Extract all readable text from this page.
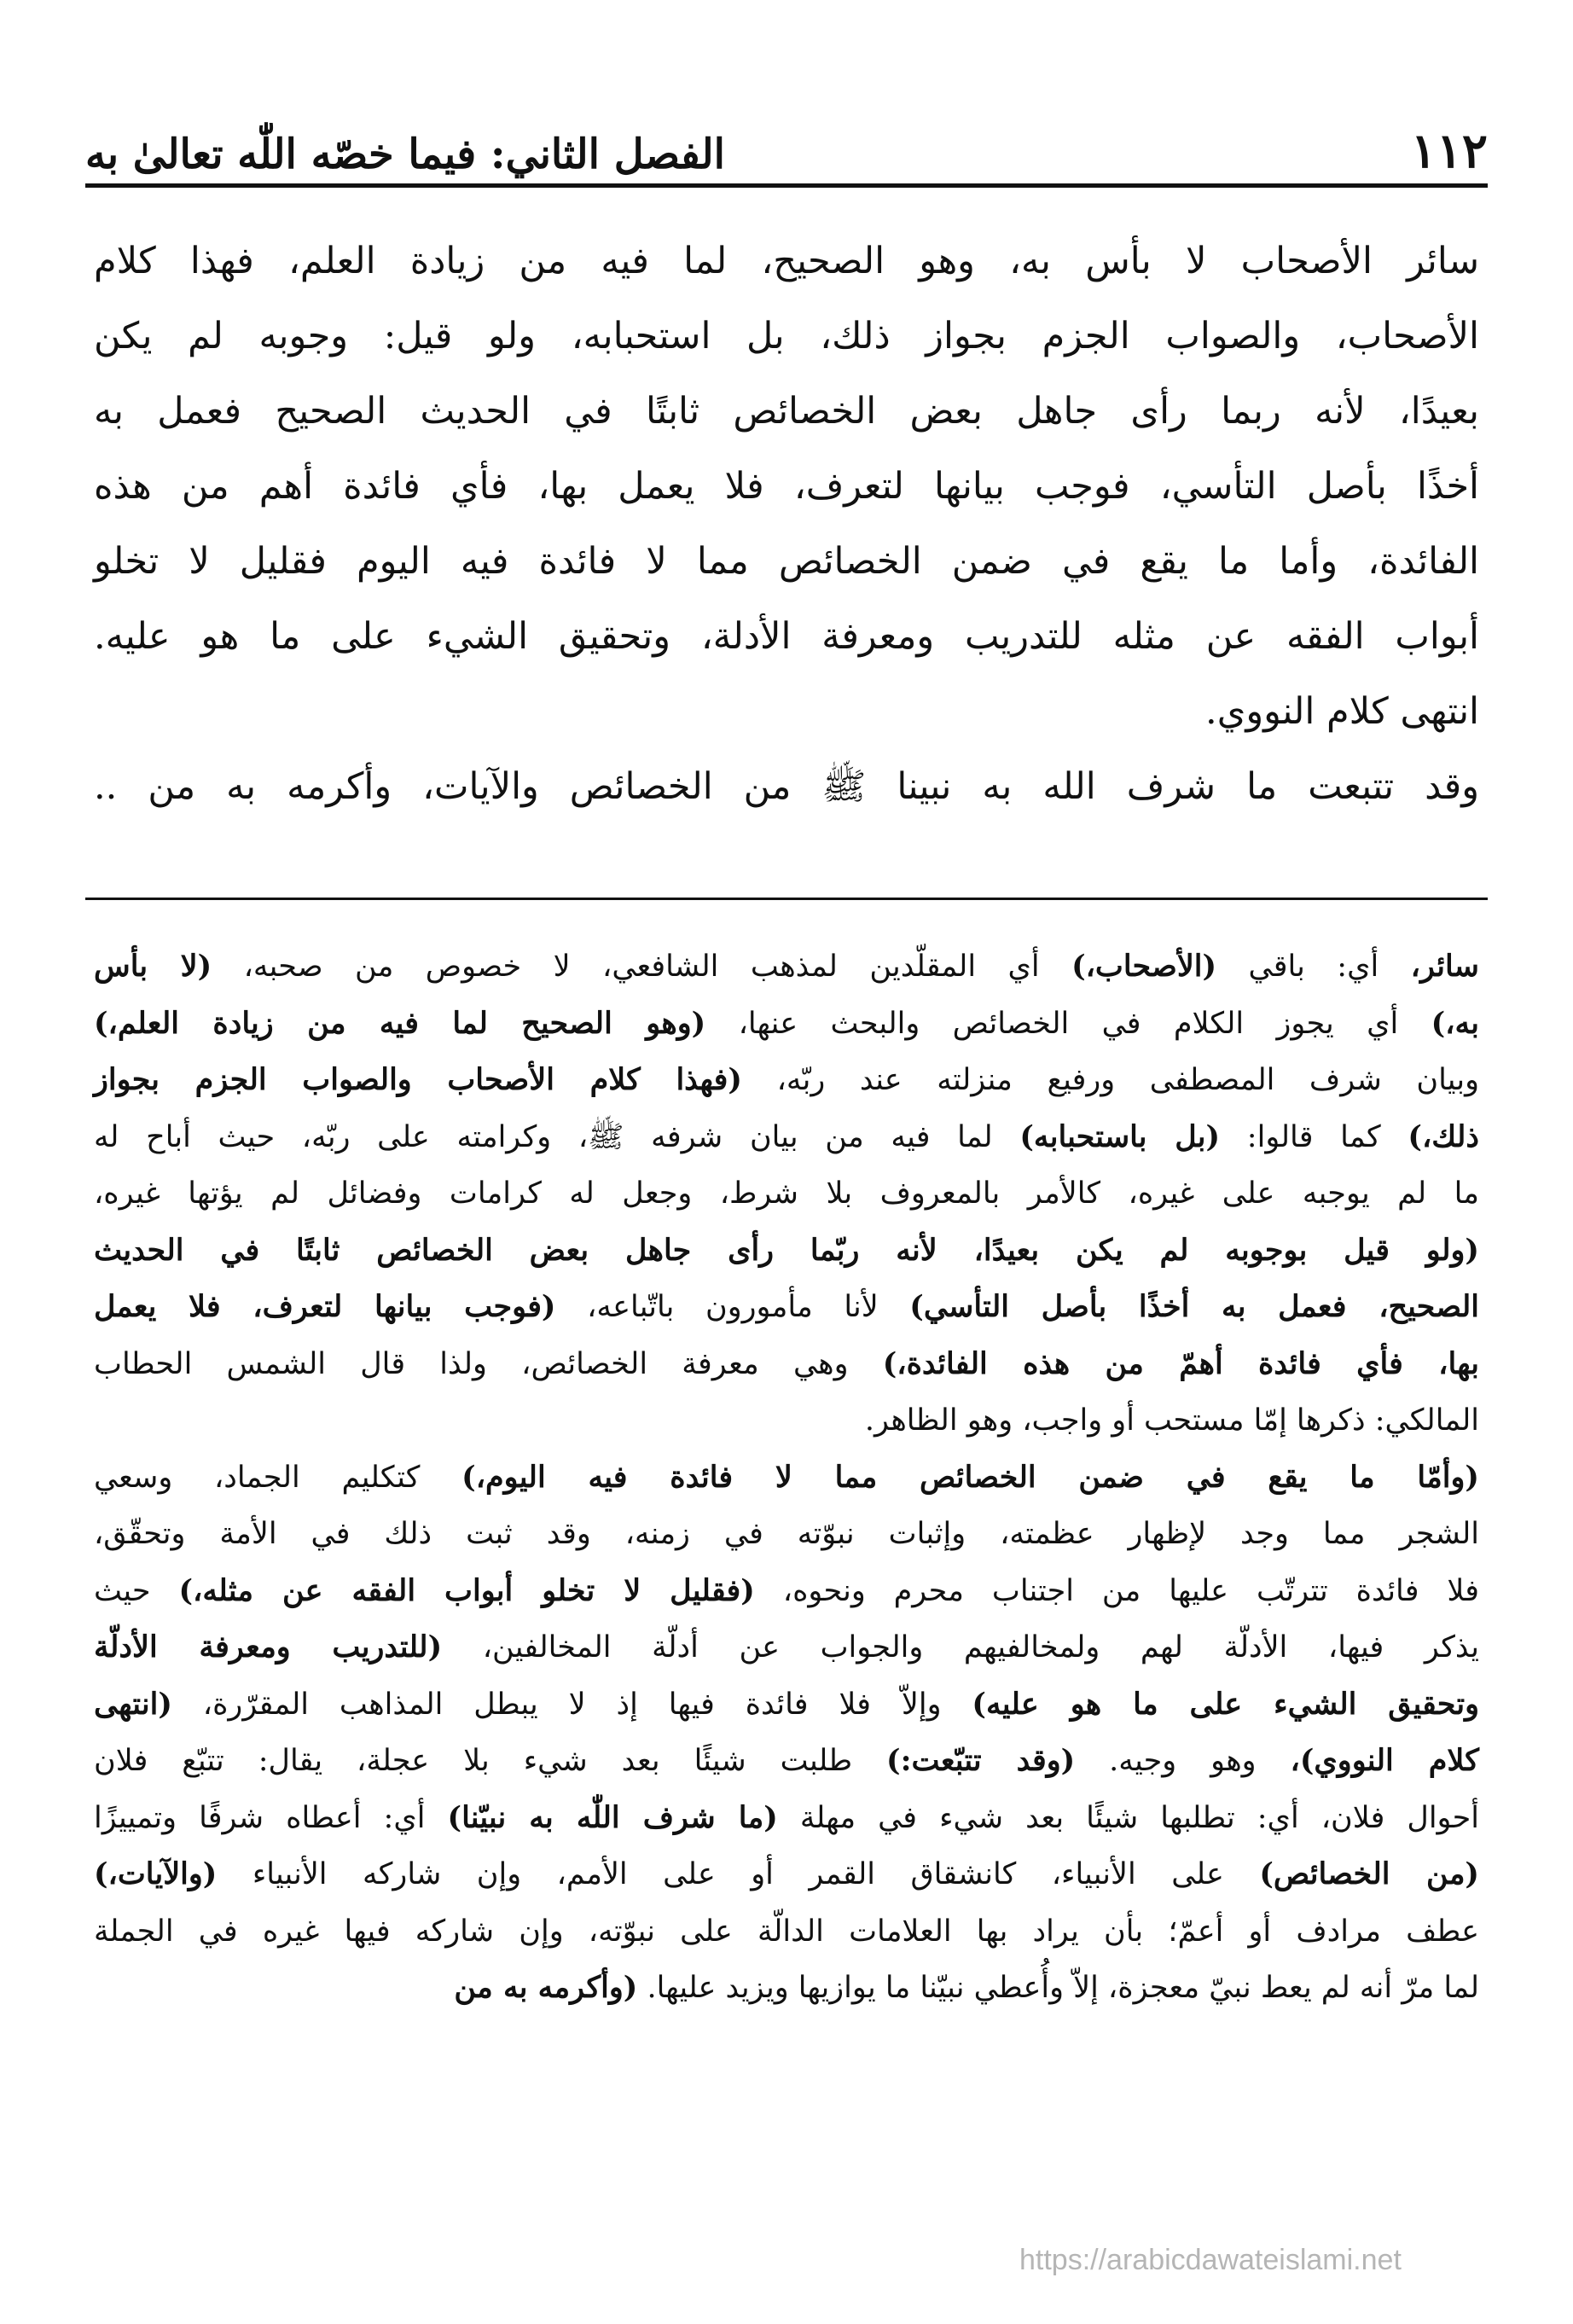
١١٢
الفصل الثاني: فيما خصّه اللّٰه تعالىٰ به
سائر الأصحاب لا بأس به، وهو الصحيح، لما فيه من زيادة العلم، فهذا كلام
الأصحاب، والصواب الجزم بجواز ذلك، بل استحبابه، ولو قيل: وجوبه لم يكن
بعيدًا، لأنه ربما رأى جاهل بعض الخصائص ثابتًا في الحديث الصحيح فعمل به
أخذًا بأصل التأسي، فوجب بيانها لتعرف، فلا يعمل بها، فأي فائدة أهم من هذه
الفائدة، وأما ما يقع في ضمن الخصائص مما لا فائدة فيه اليوم فقليل لا تخلو
أبواب الفقه عن مثله للتدريب ومعرفة الأدلة، وتحقيق الشيء على ما هو عليه.
انتهى كلام النووي.
وقد تتبعت ما شرف الله به نبينا ﷺ من الخصائص والآيات، وأكرمه به من ..
سائر، أي: باقي (الأصحاب،) أي المقلّدين لمذهب الشافعي، لا خصوص من صحبه، (لا بأس
به،) أي يجوز الكلام في الخصائص والبحث عنها، (وهو الصحيح لما فيه من زيادة العلم،)
وبيان شرف المصطفى ورفيع منزلته عند ربّه، (فهذا كلام الأصحاب والصواب الجزم بجواز
ذلك،) كما قالوا: (بل باستحبابه) لما فيه من بيان شرفه ﷺ، وكرامته على ربّه، حيث أباح له
ما لم يوجبه على غيره، كالأمر بالمعروف بلا شرط، وجعل له كرامات وفضائل لم يؤتها غيره،
(ولو قيل بوجوبه لم يكن بعيدًا، لأنه ربّما رأى جاهل بعض الخصائص ثابتًا في الحديث
الصحيح، فعمل به أخذًا بأصل التأسي) لأنا مأمورون باتّباعه، (فوجب بيانها لتعرف، فلا يعمل
بها، فأي فائدة أهمّ من هذه الفائدة،) وهي معرفة الخصائص، ولذا قال الشمس الحطاب
المالكي: ذكرها إمّا مستحب أو واجب، وهو الظاهر.
(وأمّا ما يقع في ضمن الخصائص مما لا فائدة فيه اليوم،) كتكليم الجماد، وسعي
الشجر مما وجد لإظهار عظمته، وإثبات نبوّته في زمنه، وقد ثبت ذلك في الأمة وتحقّق،
فلا فائدة تترتّب عليها من اجتناب محرم ونحوه، (فقليل لا تخلو أبواب الفقه عن مثله،) حيث
يذكر فيها، الأدلّة لهم ولمخالفيهم والجواب عن أدلّة المخالفين، (للتدريب ومعرفة الأدلّة
وتحقيق الشيء على ما هو عليه) وإلاّ فلا فائدة فيها إذ لا يبطل المذاهب المقرّرة، (انتهى
كلام النووي)، وهو وجيه. (وقد تتبّعت:) طلبت شيئًا بعد شيء بلا عجلة، يقال: تتبّع فلان
أحوال فلان، أي: تطلبها شيئًا بعد شيء في مهلة (ما شرف اللّٰه به نبيّنا) أي: أعطاه شرفًا وتمييزًا
(من الخصائص) على الأنبياء، كانشقاق القمر أو على الأمم، وإن شاركه الأنبياء (والآيات،)
عطف مرادف أو أعمّ؛ بأن يراد بها العلامات الدالّة على نبوّته، وإن شاركه فيها غيره في الجملة
لما مرّ أنه لم يعط نبيّ معجزة، إلاّ وأُعطي نبيّنا ما يوازيها ويزيد عليها. (وأكرمه به من
https://arabicdawateislami.net
